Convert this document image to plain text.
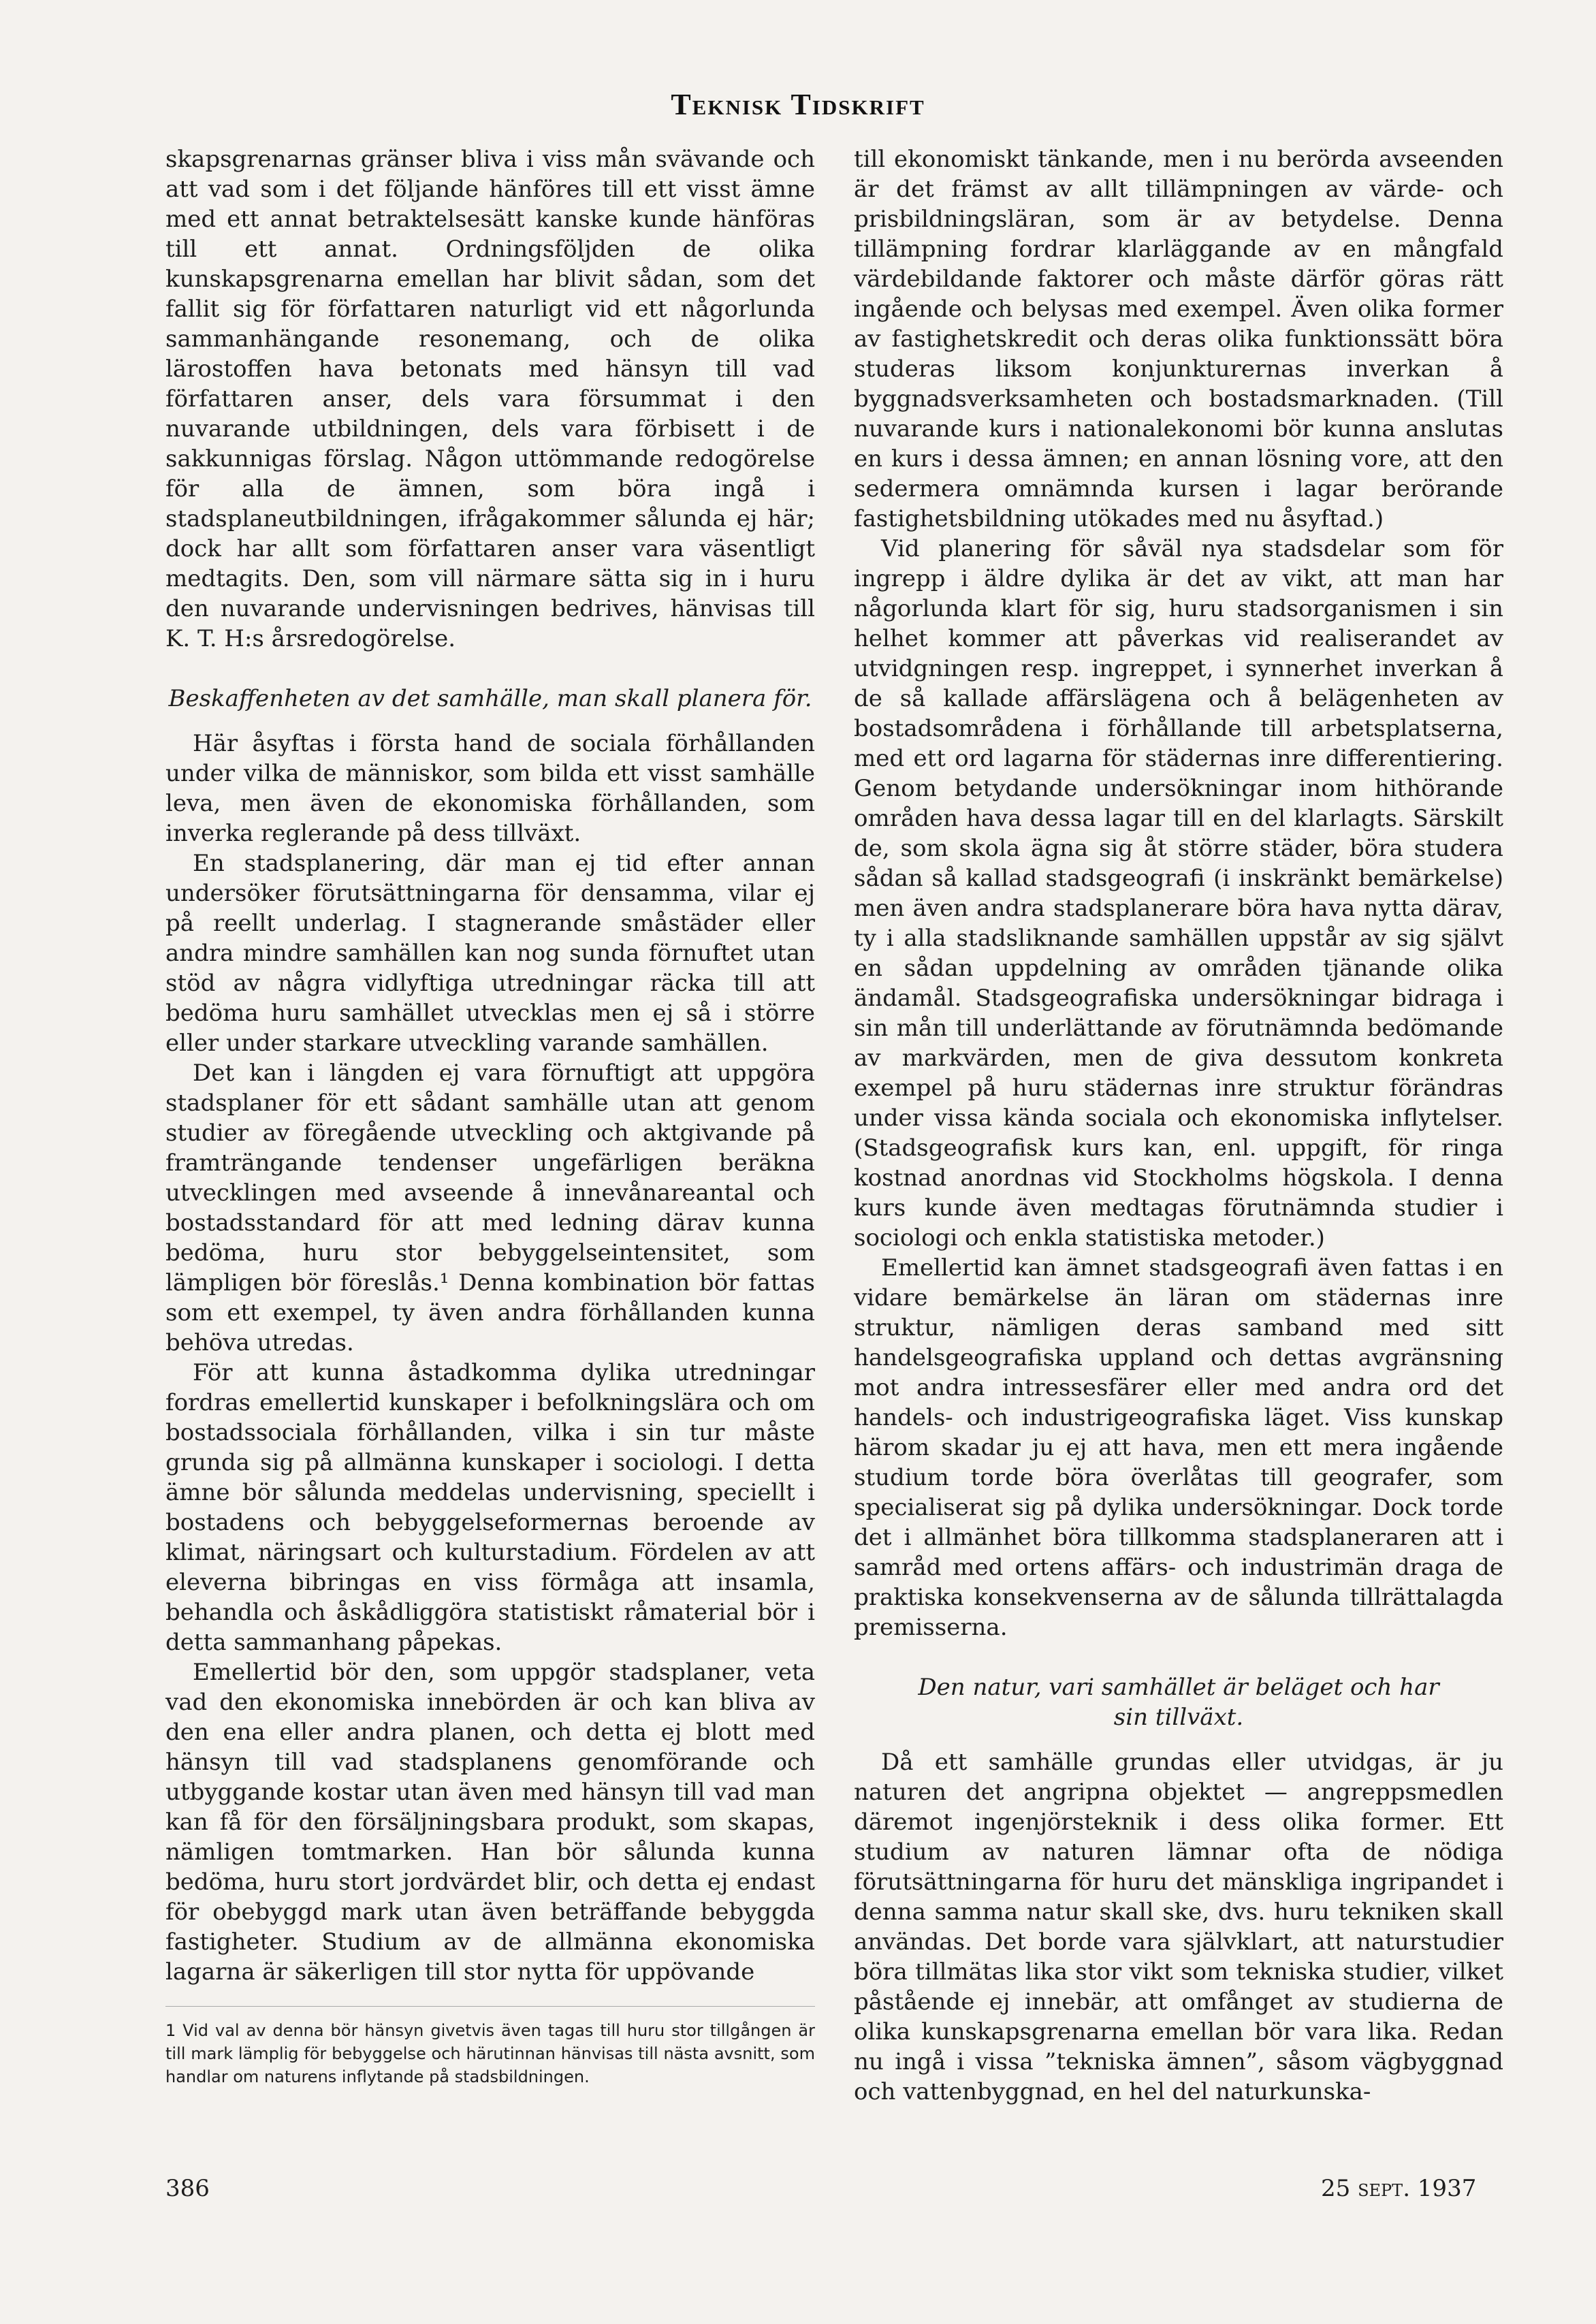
Teknisk Tidskrift

skapsgrenarnas gränser bliva i viss mån svävande och att vad som i det följande hänföres till ett visst ämne med ett annat betraktelsesätt kanske kunde hänföras till ett annat. Ordningsföljden de olika kunskapsgrenarna emellan har blivit sådan, som det fallit sig för författaren naturligt vid ett någorlunda sammanhängande resonemang, och de olika lärostoffen hava betonats med hänsyn till vad författaren anser, dels vara försummat i den nuvarande utbildningen, dels vara förbisett i de sakkunnigas förslag. Någon uttömmande redogörelse för alla de ämnen, som böra ingå i stadsplaneutbildningen, ifrågakommer sålunda ej här; dock har allt som författaren anser vara väsentligt medtagits. Den, som vill närmare sätta sig in i huru den nuvarande undervisningen bedrives, hänvisas till K. T. H:s årsredogörelse.

Beskaffenheten av det samhälle, man skall planera för.

Här åsyftas i första hand de sociala förhållanden under vilka de människor, som bilda ett visst samhälle leva, men även de ekonomiska förhållanden, som inverka reglerande på dess tillväxt.

En stadsplanering, där man ej tid efter annan undersöker förutsättningarna för densamma, vilar ej på reellt underlag. I stagnerande småstäder eller andra mindre samhällen kan nog sunda förnuftet utan stöd av några vidlyftiga utredningar räcka till att bedöma huru samhället utvecklas men ej så i större eller under starkare utveckling varande samhällen.

Det kan i längden ej vara förnuftigt att uppgöra stadsplaner för ett sådant samhälle utan att genom studier av föregående utveckling och aktgivande på framträngande tendenser ungefärligen beräkna utvecklingen med avseende å innevånareantal och bostadsstandard för att med ledning därav kunna bedöma, huru stor bebyggelseintensitet, som lämpligen bör föreslås.¹ Denna kombination bör fattas som ett exempel, ty även andra förhållanden kunna behöva utredas.

För att kunna åstadkomma dylika utredningar fordras emellertid kunskaper i befolkningslära och om bostadssociala förhållanden, vilka i sin tur måste grunda sig på allmänna kunskaper i sociologi. I detta ämne bör sålunda meddelas undervisning, speciellt i bostadens och bebyggelseformernas beroende av klimat, näringsart och kulturstadium. Fördelen av att eleverna bibringas en viss förmåga att insamla, behandla och åskådliggöra statistiskt råmaterial bör i detta sammanhang påpekas.

Emellertid bör den, som uppgör stadsplaner, veta vad den ekonomiska innebörden är och kan bliva av den ena eller andra planen, och detta ej blott med hänsyn till vad stadsplanens genomförande och utbyggande kostar utan även med hänsyn till vad man kan få för den försäljningsbara produkt, som skapas, nämligen tomtmarken. Han bör sålunda kunna bedöma, huru stort jordvärdet blir, och detta ej endast för obebyggd mark utan även beträffande bebyggda fastigheter. Studium av de allmänna ekonomiska lagarna är säkerligen till stor nytta för uppövande

1 Vid val av denna bör hänsyn givetvis även tagas till huru stor tillgången är till mark lämplig för bebyggelse och härutinnan hänvisas till nästa avsnitt, som handlar om naturens inflytande på stadsbildningen.

till ekonomiskt tänkande, men i nu berörda avseenden är det främst av allt tillämpningen av värde- och prisbildningsläran, som är av betydelse. Denna tillämpning fordrar klarläggande av en mångfald värdebildande faktorer och måste därför göras rätt ingående och belysas med exempel. Även olika former av fastighetskredit och deras olika funktionssätt böra studeras liksom konjunkturernas inverkan å byggnadsverksamheten och bostadsmarknaden. (Till nuvarande kurs i nationalekonomi bör kunna anslutas en kurs i dessa ämnen; en annan lösning vore, att den sedermera omnämnda kursen i lagar berörande fastighetsbildning utökades med nu åsyftad.)

Vid planering för såväl nya stadsdelar som för ingrepp i äldre dylika är det av vikt, att man har någorlunda klart för sig, huru stadsorganismen i sin helhet kommer att påverkas vid realiserandet av utvidgningen resp. ingreppet, i synnerhet inverkan å de så kallade affärslägena och å belägenheten av bostadsområdena i förhållande till arbetsplatserna, med ett ord lagarna för städernas inre differentiering. Genom betydande undersökningar inom hithörande områden hava dessa lagar till en del klarlagts. Särskilt de, som skola ägna sig åt större städer, böra studera sådan så kallad stadsgeografi (i inskränkt bemärkelse) men även andra stadsplanerare böra hava nytta därav, ty i alla stadsliknande samhällen uppstår av sig självt en sådan uppdelning av områden tjänande olika ändamål. Stadsgeografiska undersökningar bidraga i sin mån till underlättande av förutnämnda bedömande av markvärden, men de giva dessutom konkreta exempel på huru städernas inre struktur förändras under vissa kända sociala och ekonomiska inflytelser. (Stadsgeografisk kurs kan, enl. uppgift, för ringa kostnad anordnas vid Stockholms högskola. I denna kurs kunde även medtagas förutnämnda studier i sociologi och enkla statistiska metoder.)

Emellertid kan ämnet stadsgeografi även fattas i en vidare bemärkelse än läran om städernas inre struktur, nämligen deras samband med sitt handelsgeografiska uppland och dettas avgränsning mot andra intressesfärer eller med andra ord det handels- och industrigeografiska läget. Viss kunskap härom skadar ju ej att hava, men ett mera ingående studium torde böra överlåtas till geografer, som specialiserat sig på dylika undersökningar. Dock torde det i allmänhet böra tillkomma stadsplaneraren att i samråd med ortens affärs- och industrimän draga de praktiska konsekvenserna av de sålunda tillrättalagda premisserna.

Den natur, vari samhället är beläget och har
sin tillväxt.

Då ett samhälle grundas eller utvidgas, är ju naturen det angripna objektet — angreppsmedlen däremot ingenjörsteknik i dess olika former. Ett studium av naturen lämnar ofta de nödiga förutsättningarna för huru det mänskliga ingripandet i denna samma natur skall ske, dvs. huru tekniken skall användas. Det borde vara självklart, att naturstudier böra tillmätas lika stor vikt som tekniska studier, vilket påstående ej innebär, att omfånget av studierna de olika kunskapsgrenarna emellan bör vara lika. Redan nu ingå i vissa ”tekniska ämnen”, såsom vägbyggnad och vattenbyggnad, en hel del naturkunska-

386	25 sept. 1937
